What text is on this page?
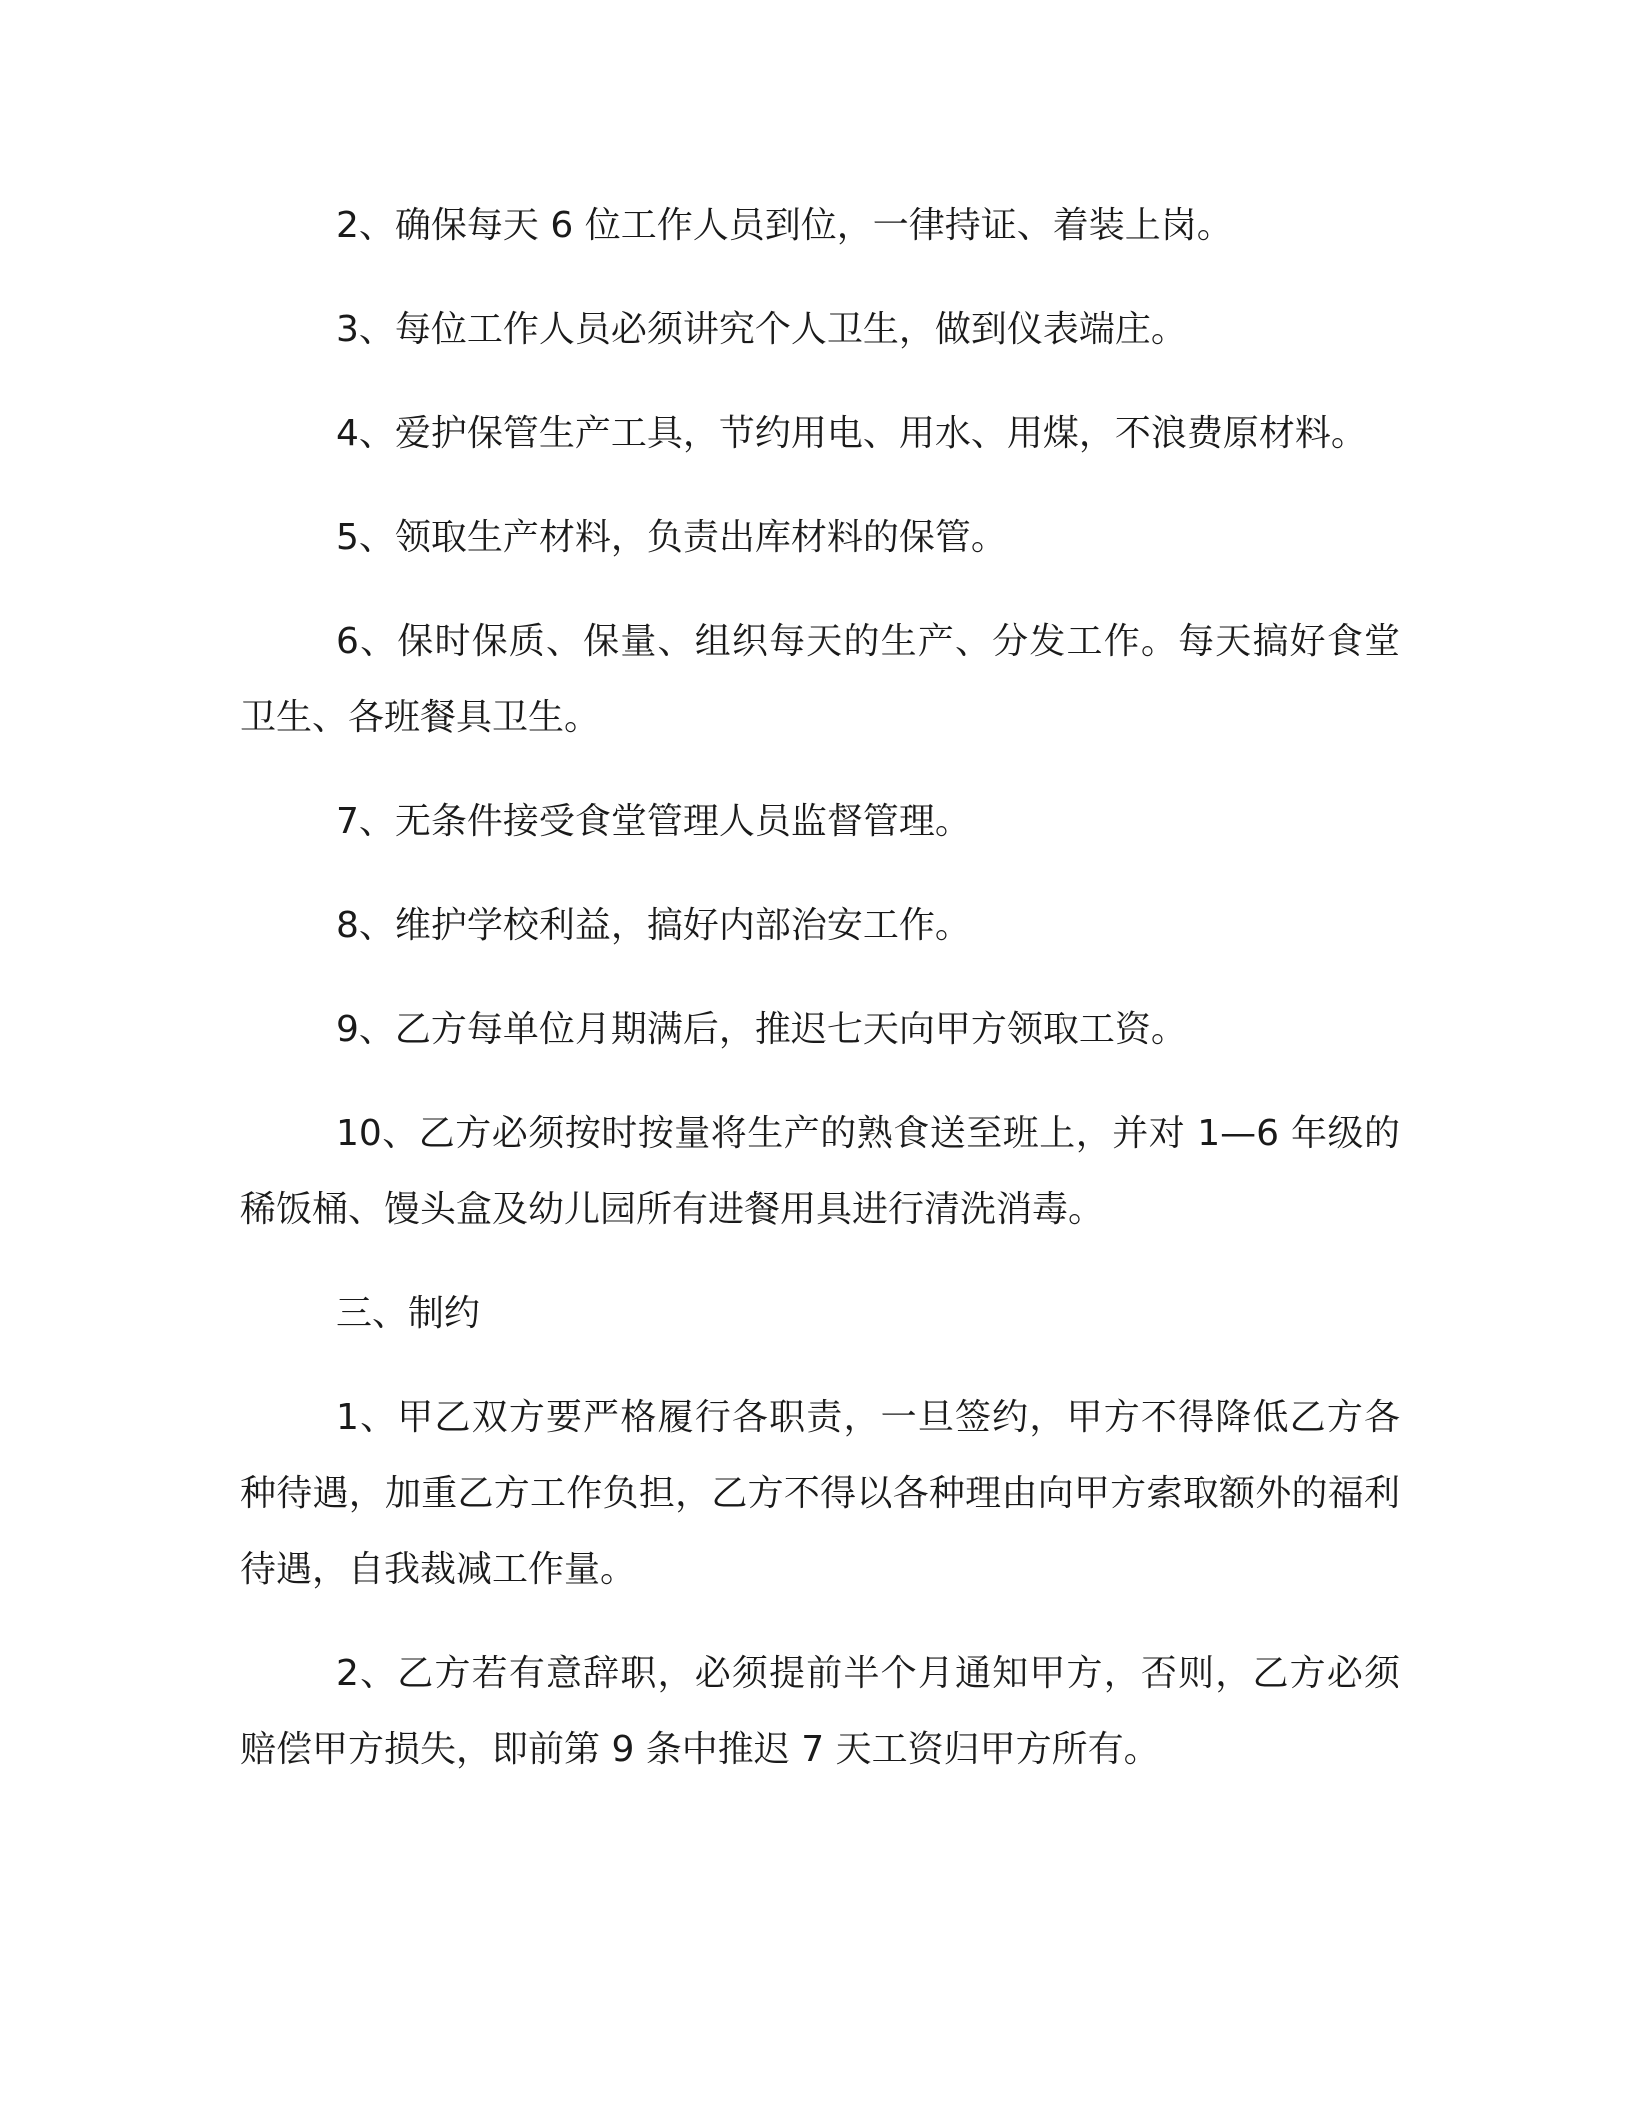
2、确保每天 6 位工作人员到位，一律持证、着装上岗。

3、每位工作人员必须讲究个人卫生，做到仪表端庄。

4、爱护保管生产工具，节约用电、用水、用煤，不浪费原材料。

5、领取生产材料，负责出库材料的保管。

6、保时保质、保量、组织每天的生产、分发工作。每天搞好食堂卫生、各班餐具卫生。

7、无条件接受食堂管理人员监督管理。

8、维护学校利益，搞好内部治安工作。

9、乙方每单位月期满后，推迟七天向甲方领取工资。

10、乙方必须按时按量将生产的熟食送至班上，并对 1—6 年级的稀饭桶、馒头盒及幼儿园所有进餐用具进行清洗消毒。

三、制约

1、甲乙双方要严格履行各职责，一旦签约，甲方不得降低乙方各种待遇，加重乙方工作负担，乙方不得以各种理由向甲方索取额外的福利待遇，自我裁减工作量。

2、乙方若有意辞职，必须提前半个月通知甲方，否则，乙方必须赔偿甲方损失，即前第 9 条中推迟 7 天工资归甲方所有。
